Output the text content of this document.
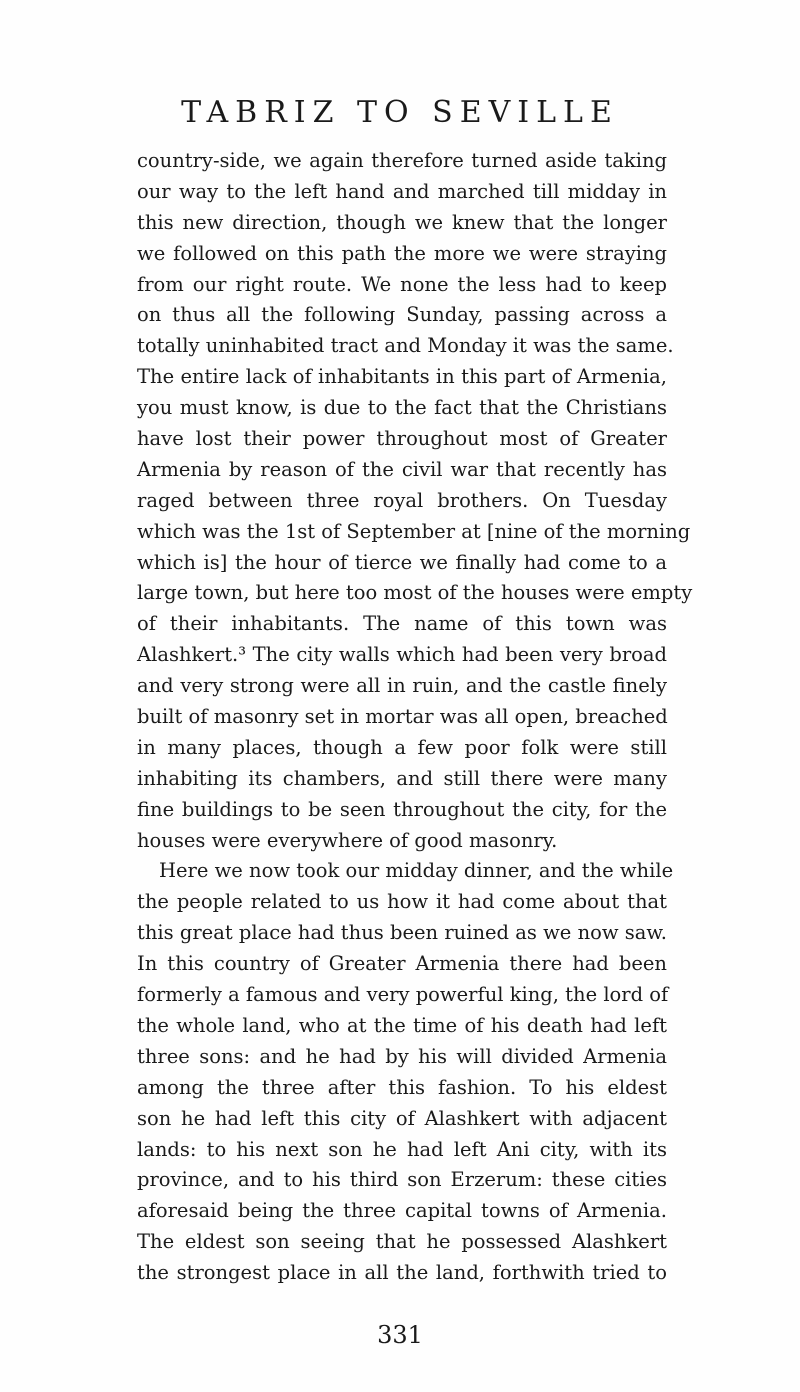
TABRIZ TO SEVILLE
country-side, we again therefore turned aside taking
our way to the left hand and marched till midday in
this new direction, though we knew that the longer
we followed on this path the more we were straying
from our right route. We none the less had to keep
on thus all the following Sunday, passing across a
totally uninhabited tract and Monday it was the same.
The entire lack of inhabitants in this part of Armenia,
you must know, is due to the fact that the Christians
have lost their power throughout most of Greater
Armenia by reason of the civil war that recently has
raged between three royal brothers. On Tuesday
which was the 1st of September at [nine of the morning
which is] the hour of tierce we finally had come to a
large town, but here too most of the houses were empty
of their inhabitants. The name of this town was
Alashkert.³ The city walls which had been very broad
and very strong were all in ruin, and the castle finely
built of masonry set in mortar was all open, breached
in many places, though a few poor folk were still
inhabiting its chambers, and still there were many
fine buildings to be seen throughout the city, for the
houses were everywhere of good masonry.
Here we now took our midday dinner, and the while
the people related to us how it had come about that
this great place had thus been ruined as we now saw.
In this country of Greater Armenia there had been
formerly a famous and very powerful king, the lord of
the whole land, who at the time of his death had left
three sons: and he had by his will divided Armenia
among the three after this fashion. To his eldest
son he had left this city of Alashkert with adjacent
lands: to his next son he had left Ani city, with its
province, and to his third son Erzerum: these cities
aforesaid being the three capital towns of Armenia.
The eldest son seeing that he possessed Alashkert
the strongest place in all the land, forthwith tried to
331
